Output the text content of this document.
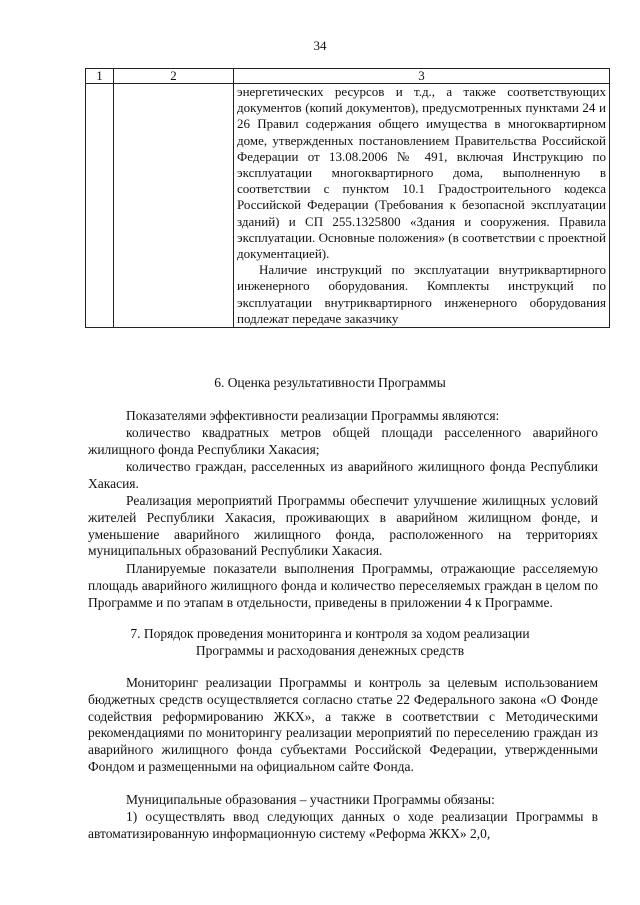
34
1	2	3

		энергетических ресурсов и т.д., а также соответствующих документов (копий документов), предусмотренных пунктами 24 и 26 Правил содержания общего имущества в многоквартирном доме, утвержденных постановлением Правительства Российской Федерации от 13.08.2006 № 491, включая Инструкцию по эксплуатации многоквартирного дома, выполненную в соответствии с пунктом 10.1 Градостроительного кодекса Российской Федерации (Требования к безопасной эксплуатации зданий) и СП 255.1325800 «Здания и сооружения. Правила эксплуатации. Основные положения» (в соответствии с проектной документацией).

Наличие инструкций по эксплуатации внутриквартирного инженерного оборудования. Комплекты инструкций по эксплуатации внутриквартирного инженерного оборудования подлежат передаче заказчику

6. Оценка результативности Программы

Показателями эффективности реализации Программы являются:

количество квадратных метров общей площади расселенного аварийного жилищного фонда Республики Хакасия;

количество граждан, расселенных из аварийного жилищного фонда Республики Хакасия.

Реализация мероприятий Программы обеспечит улучшение жилищных условий жителей Республики Хакасия, проживающих в аварийном жилищном фонде, и уменьшение аварийного жилищного фонда, расположенного на территориях муниципальных образований Республики Хакасия.

Планируемые показатели выполнения Программы, отражающие расселяемую площадь аварийного жилищного фонда и количество переселяемых граждан в целом по Программе и по этапам в отдельности, приведены в приложении 4 к Программе.

7. Порядок проведения мониторинга и контроля за ходом реализации
Программы и расходования денежных средств

Мониторинг реализации Программы и контроль за целевым использованием бюджетных средств осуществляется согласно статье 22 Федерального закона «О Фонде содействия реформированию ЖКХ», а также в соответствии с Методическими рекомендациями по мониторингу реализации мероприятий по переселению граждан из аварийного жилищного фонда субъектами Российской Федерации, утвержденными Фондом и размещенными на официальном сайте Фонда.

Муниципальные образования – участники Программы обязаны:

1) осуществлять ввод следующих данных о ходе реализации Программы в автоматизированную информационную систему «Реформа ЖКХ» 2,0,
